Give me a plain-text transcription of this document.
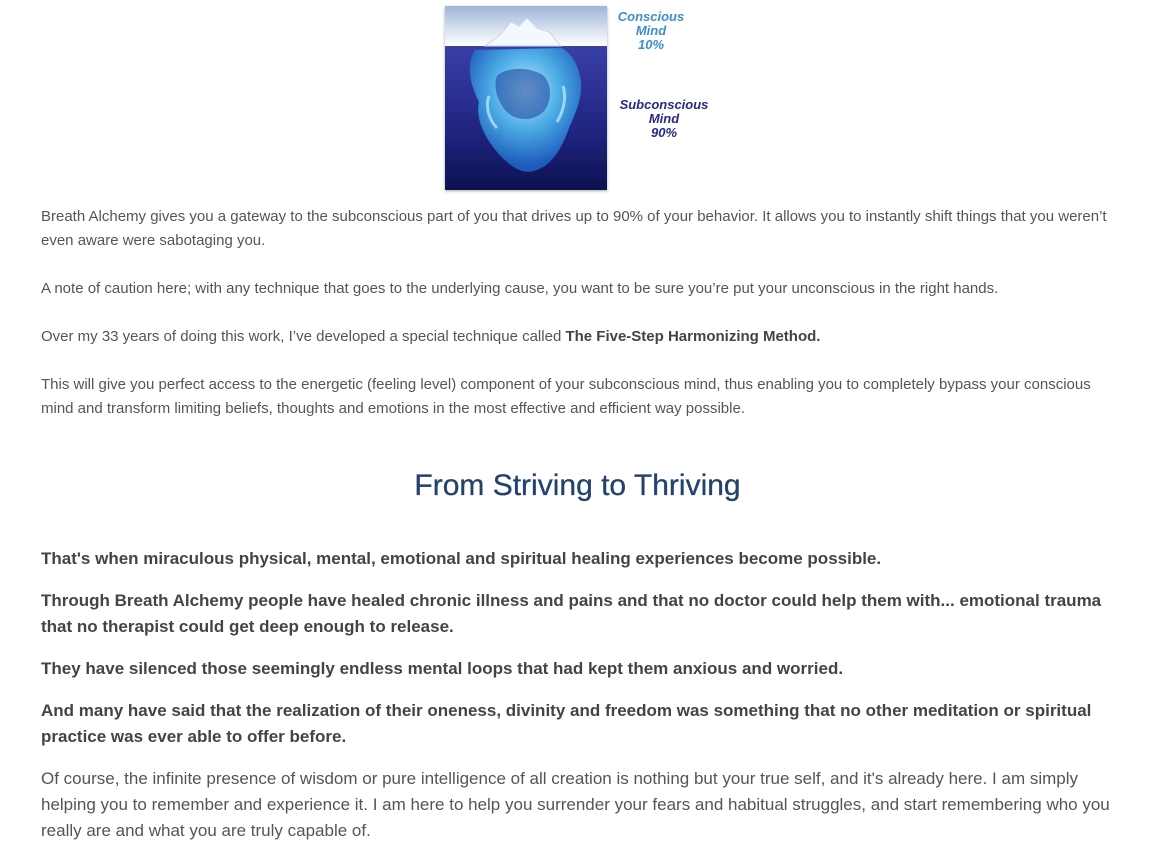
Conscious
Mind
10%
Subconscious
Mind
90%

Breath Alchemy gives you a gateway to the subconscious part of you that drives up to 90% of your behavior. It allows you to instantly shift things that you weren’t even aware were sabotaging you.

A note of caution here; with any technique that goes to the underlying cause, you want to be sure you’re put your unconscious in the right hands.

Over my 33 years of doing this work, I’ve developed a special technique called The Five-Step Harmonizing Method.

This will give you perfect access to the energetic (feeling level) component of your subconscious mind, thus enabling you to completely bypass your conscious mind and transform limiting beliefs, thoughts and emotions in the most effective and efficient way possible.

From Striving to Thriving

That's when miraculous physical, mental, emotional and spiritual healing experiences become possible.

Through Breath Alchemy people have healed chronic illness and pains and that no doctor could help them with... emotional trauma that no therapist could get deep enough to release.

They have silenced those seemingly endless mental loops that had kept them anxious and worried.

And many have said that the realization of their oneness, divinity and freedom was something that no other meditation or spiritual practice was ever able to offer before.

Of course, the infinite presence of wisdom or pure intelligence of all creation is nothing but your true self, and it's already here. I am simply helping you to remember and experience it. I am here to help you surrender your fears and habitual struggles, and start remembering who you really are and what you are truly capable of.
